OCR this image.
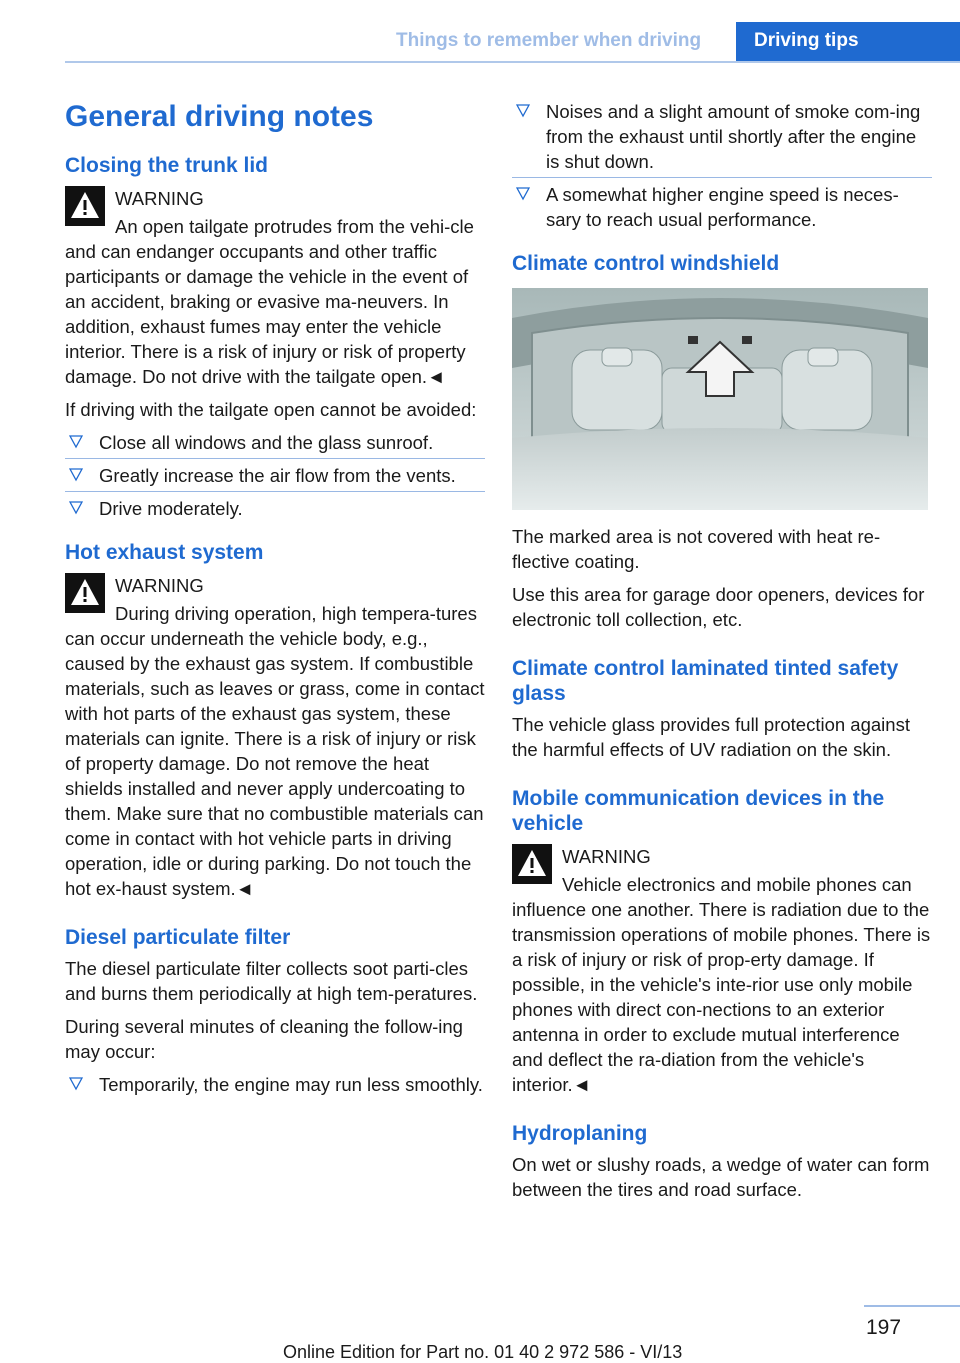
Things to remember when driving	Driving tips
General driving notes
Closing the trunk lid
WARNING

An open tailgate protrudes from the vehi-cle and can endanger occupants and other traffic participants or damage the vehicle in the event of an accident, braking or evasive ma-neuvers. In addition, exhaust fumes may enter the vehicle interior. There is a risk of injury or risk of property damage. Do not drive with the tailgate open.◄

If driving with the tailgate open cannot be avoided:

Close all windows and the glass sunroof.
Greatly increase the air flow from the vents.
Drive moderately.
Hot exhaust system
WARNING

During driving operation, high tempera-tures can occur underneath the vehicle body, e.g., caused by the exhaust gas system. If combustible materials, such as leaves or grass, come in contact with hot parts of the exhaust gas system, these materials can ignite. There is a risk of injury or risk of property damage. Do not remove the heat shields installed and never apply undercoating to them. Make sure that no combustible materials can come in contact with hot vehicle parts in driving operation, idle or during parking. Do not touch the hot ex-haust system.◄

Diesel particulate filter

The diesel particulate filter collects soot parti-cles and burns them periodically at high tem-peratures.

During several minutes of cleaning the follow-ing may occur:

Temporarily, the engine may run less smoothly.
Noises and a slight amount of smoke com-ing from the exhaust until shortly after the engine is shut down.
A somewhat higher engine speed is neces-sary to reach usual performance.
Climate control windshield

The marked area is not covered with heat re-flective coating.

Use this area for garage door openers, devices for electronic toll collection, etc.

Climate control laminated tinted safety glass

The vehicle glass provides full protection against the harmful effects of UV radiation on the skin.

Mobile communication devices in the vehicle
WARNING

Vehicle electronics and mobile phones can influence one another. There is radiation due to the transmission operations of mobile phones. There is a risk of injury or risk of prop-erty damage. If possible, in the vehicle's inte-rior use only mobile phones with direct con-nections to an exterior antenna in order to exclude mutual interference and deflect the ra-diation from the vehicle's interior.◄

Hydroplaning

On wet or slushy roads, a wedge of water can form between the tires and road surface.

197
Online Edition for Part no. 01 40 2 972 586 - VI/13
